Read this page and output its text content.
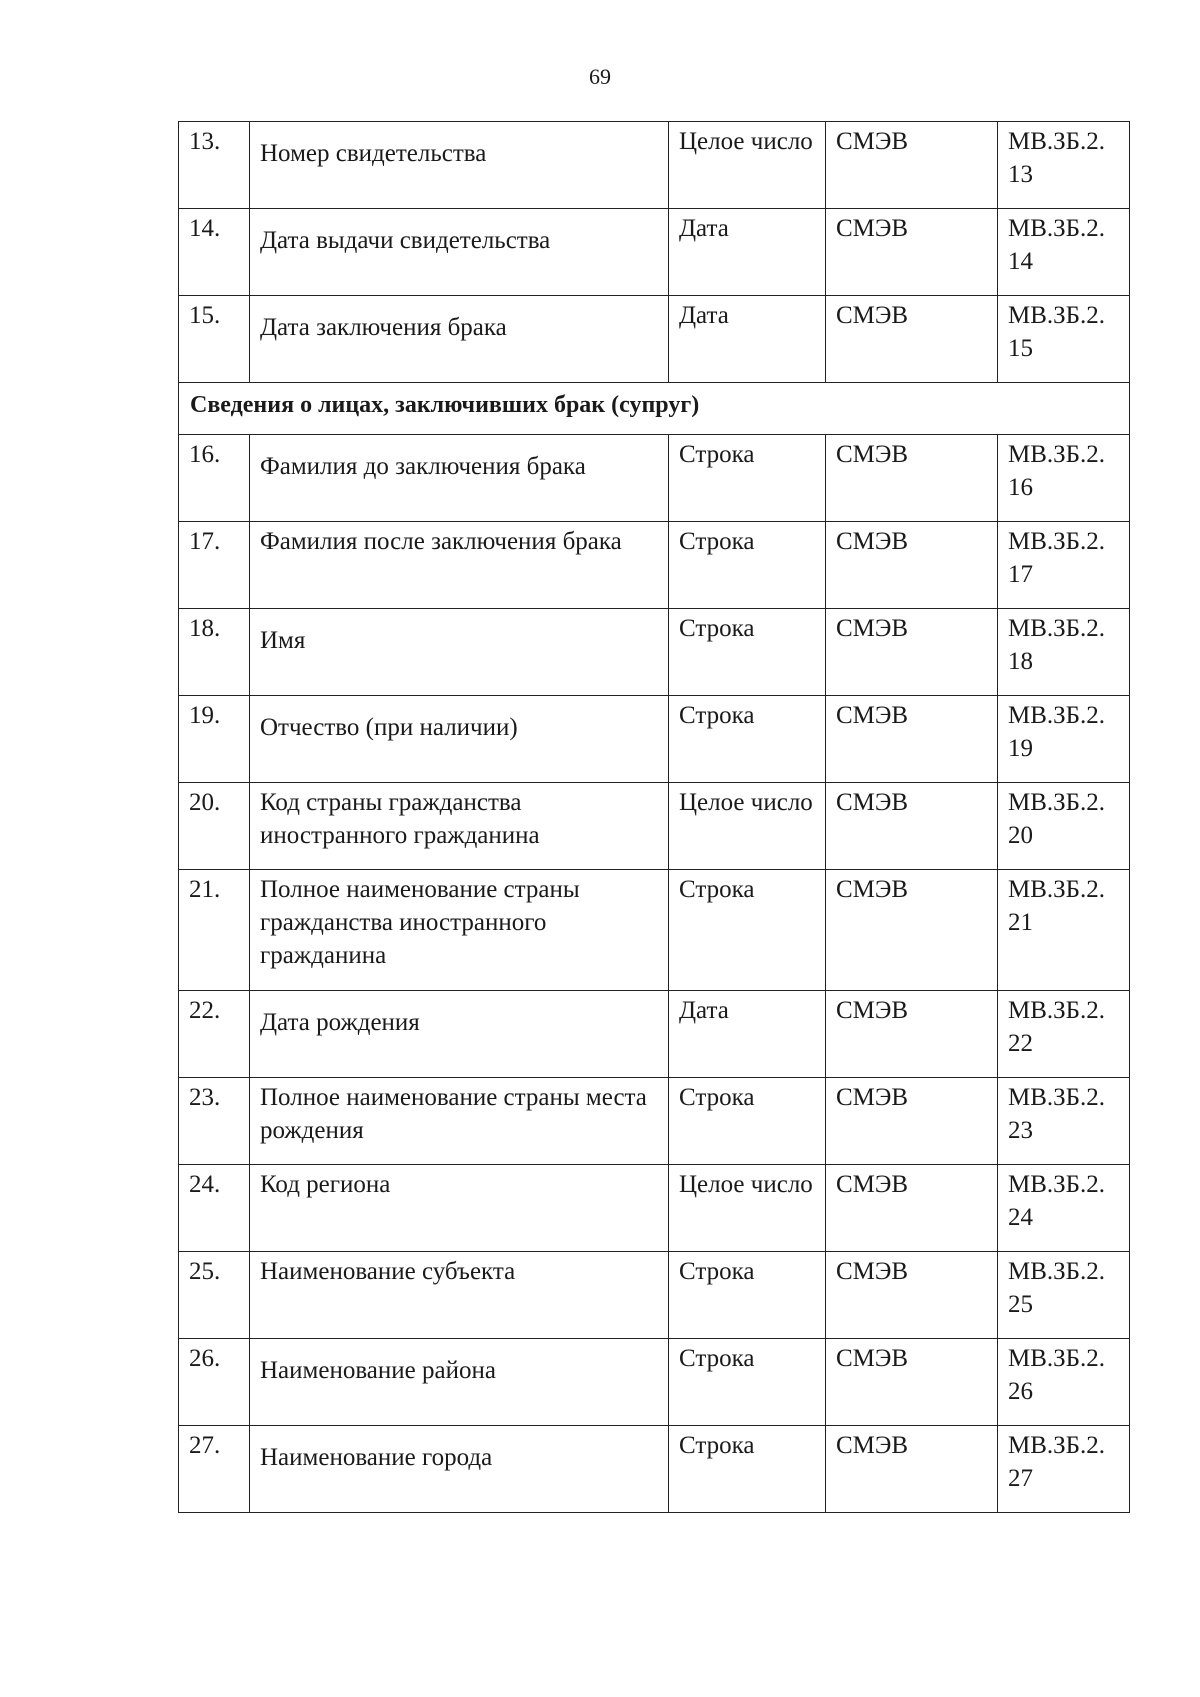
69
13.	Номер свидетельства	Целое число	СМЭВ	МВ.ЗБ.2. 13
14.	Дата выдачи свидетельства	Дата	СМЭВ	МВ.ЗБ.2. 14
15.	Дата заключения брака	Дата	СМЭВ	МВ.ЗБ.2. 15
Сведения о лицах, заключивших брак (супруг)				
16.	Фамилия до заключения брака	Строка	СМЭВ	МВ.ЗБ.2. 16
17.	Фамилия после заключения брака	Строка	СМЭВ	МВ.ЗБ.2. 17
18.	Имя	Строка	СМЭВ	МВ.ЗБ.2. 18
19.	Отчество (при наличии)	Строка	СМЭВ	МВ.ЗБ.2. 19
20.	Код страны гражданства иностранного гражданина	Целое число	СМЭВ	МВ.ЗБ.2. 20
21.	Полное наименование страны гражданства иностранного гражданина	Строка	СМЭВ	МВ.ЗБ.2. 21
22.	Дата рождения	Дата	СМЭВ	МВ.ЗБ.2. 22
23.	Полное наименование страны места рождения	Строка	СМЭВ	МВ.ЗБ.2. 23
24.	Код региона	Целое число	СМЭВ	МВ.ЗБ.2. 24
25.	Наименование субъекта	Строка	СМЭВ	МВ.ЗБ.2. 25
26.	Наименование района	Строка	СМЭВ	МВ.ЗБ.2. 26
27.	Наименование города	Строка	СМЭВ	МВ.ЗБ.2. 27
